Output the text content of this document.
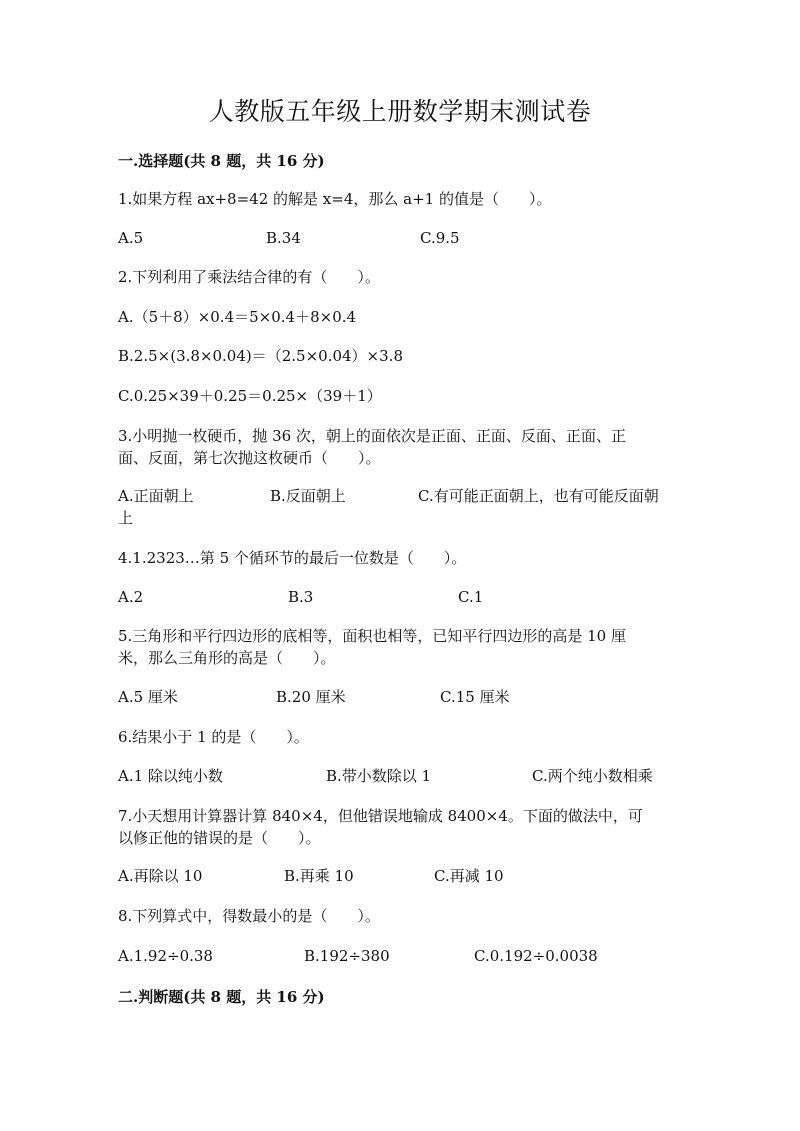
人教版五年级上册数学期末测试卷
一.选择题(共 8 题，共 16 分)
1.如果方程 ax+8=42 的解是 x=4，那么 a+1 的值是（　　）。
A.5	B.34	C.9.5
2.下列利用了乘法结合律的有（　　）。
A.（5＋8）×0.4＝5×0.4＋8×0.4
B.2.5×(3.8×0.04)＝（2.5×0.04）×3.8
C.0.25×39＋0.25＝0.25×（39＋1）
3.小明抛一枚硬币，抛 36 次，朝上的面依次是正面、正面、反面、正面、正
面、反面，第七次抛这枚硬币（　　）。
A.正面朝上	B.反面朝上	C.有可能正面朝上，也有可能反面朝
上
4.1.2323…第 5 个循环节的最后一位数是（　　）。
A.2	B.3	C.1
5.三角形和平行四边形的底相等，面积也相等，已知平行四边形的高是 10 厘
米，那么三角形的高是（　　）。
A.5 厘米	B.20 厘米	C.15 厘米
6.结果小于 1 的是（　　）。
A.1 除以纯小数	B.带小数除以 1	C.两个纯小数相乘
7.小天想用计算器计算 840×4，但他错误地输成 8400×4。下面的做法中，可
以修正他的错误的是（　　）。
A.再除以 10	B.再乘 10	C.再减 10
8.下列算式中，得数最小的是（　　）。
A.1.92÷0.38	B.192÷380	C.0.192÷0.0038
二.判断题(共 8 题，共 16 分)
